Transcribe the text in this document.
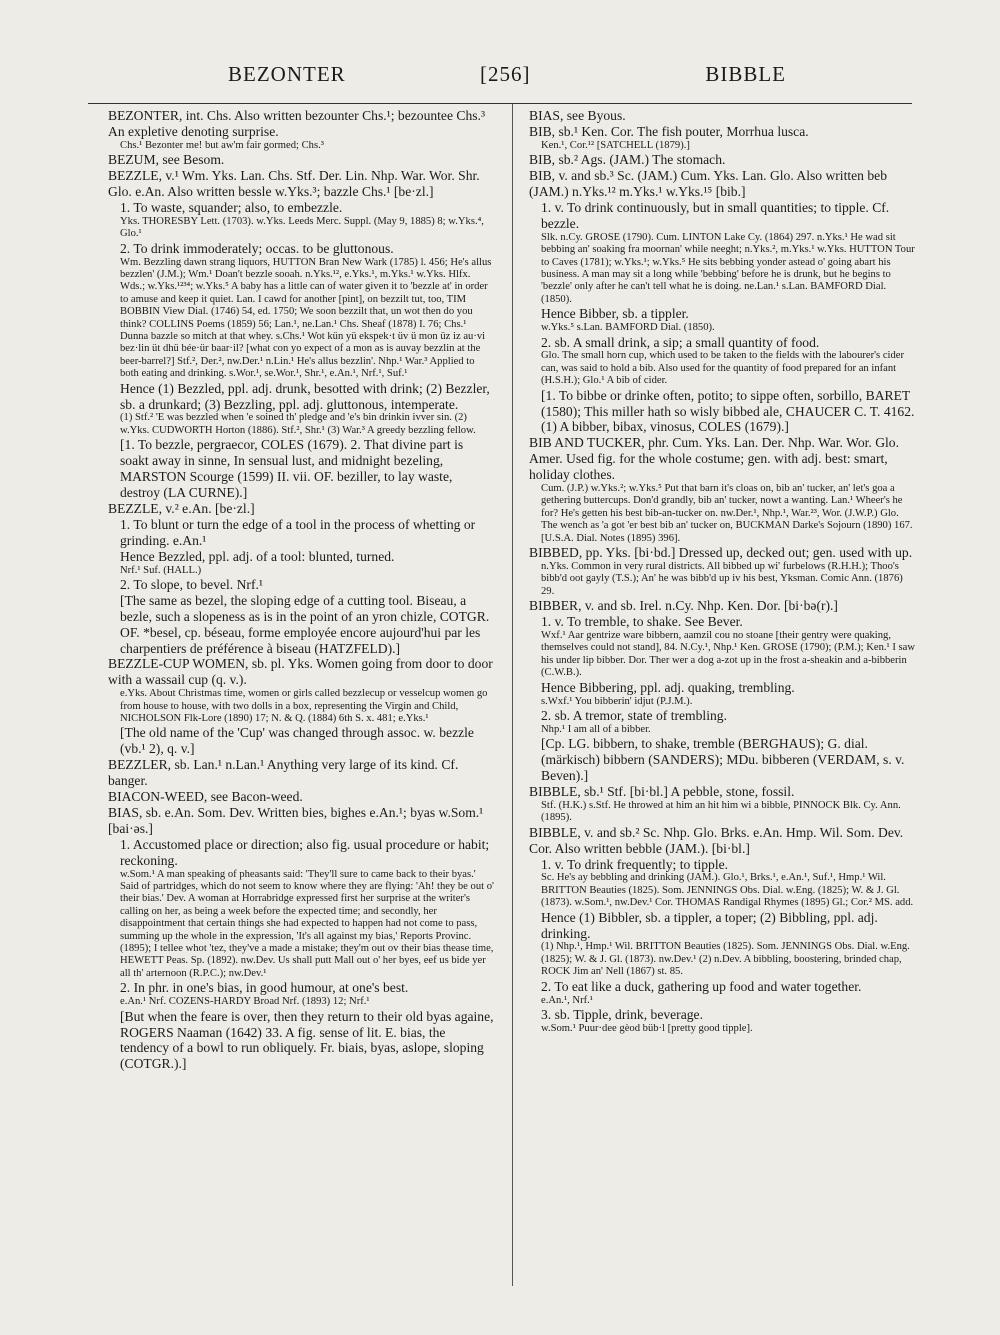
BEZONTER	[256]	BIBBLE

BEZONTER, int. Chs. Also written bezounter Chs.¹; bezountee Chs.³ An expletive denoting surprise.

Chs.¹ Bezonter me! but aw'm fair gormed; Chs.³

BEZUM, see Besom.

BEZZLE, v.¹ Wm. Yks. Lan. Chs. Stf. Der. Lin. Nhp. War. Wor. Shr. Glo. e.An. Also written bessle w.Yks.³; bazzle Chs.¹ [be·zl.]

1. To waste, squander; also, to embezzle.

Yks. THORESBY Lett. (1703). w.Yks. Leeds Merc. Suppl. (May 9, 1885) 8; w.Yks.⁴, Glo.¹

2. To drink immoderately; occas. to be gluttonous.

Wm. Bezzling dawn strang liquors, HUTTON Bran New Wark (1785) l. 456; He's allus bezzlen' (J.M.); Wm.¹ Doan't bezzle sooah. n.Yks.¹², e.Yks.¹, m.Yks.¹ w.Yks. Hlfx. Wds.; w.Yks.¹²³⁴; w.Yks.⁵ A baby has a little can of water given it to 'bezzle at' in order to amuse and keep it quiet. Lan. I cawd for another [pint], on bezzilt tut, too, TIM BOBBIN View Dial. (1746) 54, ed. 1750; We soon bezzilt that, un wot then do you think? COLLINS Poems (1859) 56; Lan.¹, ne.Lan.¹ Chs. Sheaf (1878) I. 76; Chs.¹ Dunna bazzle so mitch at that whey. s.Chs.¹ Wot kün yü ekspek·t üv ü mon üz iz au·vi bez·lin üt dhü bée·ür baar·il? [what con yo expect of a mon as is auvay bezzlin at the beer-barrel?] Stf.², Der.², nw.Der.¹ n.Lin.¹ He's allus bezzlin'. Nhp.¹ War.³ Applied to both eating and drinking. s.Wor.¹, se.Wor.¹, Shr.¹, e.An.¹, Nrf.¹, Suf.¹

Hence (1) Bezzled, ppl. adj. drunk, besotted with drink; (2) Bezzler, sb. a drunkard; (3) Bezzling, ppl. adj. gluttonous, intemperate.

(1) Stf.² 'E was bezzled when 'e soined th' pledge and 'e's bin drinkin ivver sin. (2) w.Yks. CUDWORTH Horton (1886). Stf.², Shr.¹ (3) War.³ A greedy bezzling fellow.

[1. To bezzle, pergraecor, COLES (1679). 2. That divine part is soakt away in sinne, In sensual lust, and midnight bezeling, MARSTON Scourge (1599) II. vii. OF. beziller, to lay waste, destroy (LA CURNE).]

BEZZLE, v.² e.An. [be·zl.]

1. To blunt or turn the edge of a tool in the process of whetting or grinding. e.An.¹

Hence Bezzled, ppl. adj. of a tool: blunted, turned.

Nrf.¹ Suf. (HALL.)

2. To slope, to bevel. Nrf.¹

[The same as bezel, the sloping edge of a cutting tool. Biseau, a bezle, such a slopeness as is in the point of an yron chizle, COTGR. OF. *besel, cp. béseau, forme employée encore aujourd'hui par les charpentiers de préférence à biseau (HATZFELD).]

BEZZLE-CUP WOMEN, sb. pl. Yks. Women going from door to door with a wassail cup (q. v.).

e.Yks. About Christmas time, women or girls called bezzlecup or vesselcup women go from house to house, with two dolls in a box, representing the Virgin and Child, NICHOLSON Flk-Lore (1890) 17; N. & Q. (1884) 6th S. x. 481; e.Yks.¹

[The old name of the 'Cup' was changed through assoc. w. bezzle (vb.¹ 2), q. v.]

BEZZLER, sb. Lan.¹ n.Lan.¹ Anything very large of its kind. Cf. banger.

BIACON-WEED, see Bacon-weed.

BIAS, sb. e.An. Som. Dev. Written bies, bighes e.An.¹; byas w.Som.¹ [bai·əs.]

1. Accustomed place or direction; also fig. usual procedure or habit; reckoning.

w.Som.¹ A man speaking of pheasants said: 'They'll sure to came back to their byas.' Said of partridges, which do not seem to know where they are flying: 'Ah! they be out o' their bias.' Dev. A woman at Horrabridge expressed first her surprise at the writer's calling on her, as being a week before the expected time; and secondly, her disappointment that certain things she had expected to happen had not come to pass, summing up the whole in the expression, 'It's all against my bias,' Reports Provinc. (1895); I tellee whot 'tez, they've a made a mistake; they'm out ov their bias thease time, HEWETT Peas. Sp. (1892). nw.Dev. Us shall putt Mall out o' her byes, eef us bide yer all th' arternoon (R.P.C.); nw.Dev.¹

2. In phr. in one's bias, in good humour, at one's best.

e.An.¹ Nrf. COZENS-HARDY Broad Nrf. (1893) 12; Nrf.¹

[But when the feare is over, then they return to their old byas againe, ROGERS Naaman (1642) 33. A fig. sense of lit. E. bias, the tendency of a bowl to run obliquely. Fr. biais, byas, aslope, sloping (COTGR.).]

BIAS, see Byous.

BIB, sb.¹ Ken. Cor. The fish pouter, Morrhua lusca.

Ken.¹, Cor.¹² [SATCHELL (1879).]

BIB, sb.² Ags. (JAM.) The stomach.

BIB, v. and sb.³ Sc. (JAM.) Cum. Yks. Lan. Glo. Also written beb (JAM.) n.Yks.¹² m.Yks.¹ w.Yks.¹⁵ [bib.]

1. v. To drink continuously, but in small quantities; to tipple. Cf. bezzle.

Slk. n.Cy. GROSE (1790). Cum. LINTON Lake Cy. (1864) 297. n.Yks.¹ He wad sit bebbing an' soaking fra moornan' while neeght; n.Yks.², m.Yks.¹ w.Yks. HUTTON Tour to Caves (1781); w.Yks.¹; w.Yks.⁵ He sits bebbing yonder astead o' going abart his business. A man may sit a long while 'bebbing' before he is drunk, but he begins to 'bezzle' only after he can't tell what he is doing. ne.Lan.¹ s.Lan. BAMFORD Dial. (1850).

Hence Bibber, sb. a tippler.

w.Yks.⁵ s.Lan. BAMFORD Dial. (1850).

2. sb. A small drink, a sip; a small quantity of food.

Glo. The small horn cup, which used to be taken to the fields with the labourer's cider can, was said to hold a bib. Also used for the quantity of food prepared for an infant (H.S.H.); Glo.¹ A bib of cider.

[1. To bibbe or drinke often, potito; to sippe often, sorbillo, BARET (1580); This miller hath so wisly bibbed ale, CHAUCER C. T. 4162. (1) A bibber, bibax, vinosus, COLES (1679).]

BIB AND TUCKER, phr. Cum. Yks. Lan. Der. Nhp. War. Wor. Glo. Amer. Used fig. for the whole costume; gen. with adj. best: smart, holiday clothes.

Cum. (J.P.) w.Yks.²; w.Yks.⁵ Put that barn it's cloas on, bib an' tucker, an' let's goa a gethering buttercups. Don'd grandly, bib an' tucker, nowt a wanting. Lan.¹ Wheer's he for? He's getten his best bib-an-tucker on. nw.Der.¹, Nhp.¹, War.²³, Wor. (J.W.P.) Glo. The wench as 'a got 'er best bib an' tucker on, BUCKMAN Darke's Sojourn (1890) 167. [U.S.A. Dial. Notes (1895) 396].

BIBBED, pp. Yks. [bi·bd.] Dressed up, decked out; gen. used with up.

n.Yks. Common in very rural districts. All bibbed up wi' furbelows (R.H.H.); Thoo's bibb'd oot gayly (T.S.); An' he was bibb'd up iv his best, Yksman. Comic Ann. (1876) 29.

BIBBER, v. and sb. Irel. n.Cy. Nhp. Ken. Dor. [bi·bə(r).]

1. v. To tremble, to shake. See Bever.

Wxf.¹ Aar gentrize ware bibbern, aamzil cou no stoane [their gentry were quaking, themselves could not stand], 84. N.Cy.¹, Nhp.¹ Ken. GROSE (1790); (P.M.); Ken.¹ I saw his under lip bibber. Dor. Ther wer a dog a-zot up in the frost a-sheakin and a-bibberin (C.W.B.).

Hence Bibbering, ppl. adj. quaking, trembling.

s.Wxf.¹ You bibberin' idjut (P.J.M.).

2. sb. A tremor, state of trembling.

Nhp.¹ I am all of a bibber.

[Cp. LG. bibbern, to shake, tremble (BERGHAUS); G. dial. (märkisch) bibbern (SANDERS); MDu. bibberen (VERDAM, s. v. Beven).]

BIBBLE, sb.¹ Stf. [bi·bl.] A pebble, stone, fossil.

Stf. (H.K.) s.Stf. He throwed at him an hit him wi a bibble, PINNOCK Blk. Cy. Ann. (1895).

BIBBLE, v. and sb.² Sc. Nhp. Glo. Brks. e.An. Hmp. Wil. Som. Dev. Cor. Also written bebble (JAM.). [bi·bl.]

1. v. To drink frequently; to tipple.

Sc. He's ay bebbling and drinking (JAM.). Glo.¹, Brks.¹, e.An.¹, Suf.¹, Hmp.¹ Wil. BRITTON Beauties (1825). Som. JENNINGS Obs. Dial. w.Eng. (1825); W. & J. Gl. (1873). w.Som.¹, nw.Dev.¹ Cor. THOMAS Randigal Rhymes (1895) Gl.; Cor.² MS. add.

Hence (1) Bibbler, sb. a tippler, a toper; (2) Bibbling, ppl. adj. drinking.

(1) Nhp.¹, Hmp.¹ Wil. BRITTON Beauties (1825). Som. JENNINGS Obs. Dial. w.Eng. (1825); W. & J. Gl. (1873). nw.Dev.¹ (2) n.Dev. A bibbling, boostering, brinded chap, ROCK Jim an' Nell (1867) st. 85.

2. To eat like a duck, gathering up food and water together.

e.An.¹, Nrf.¹

3. sb. Tipple, drink, beverage.

w.Som.¹ Puur·dee gèod büb·l [pretty good tipple].
